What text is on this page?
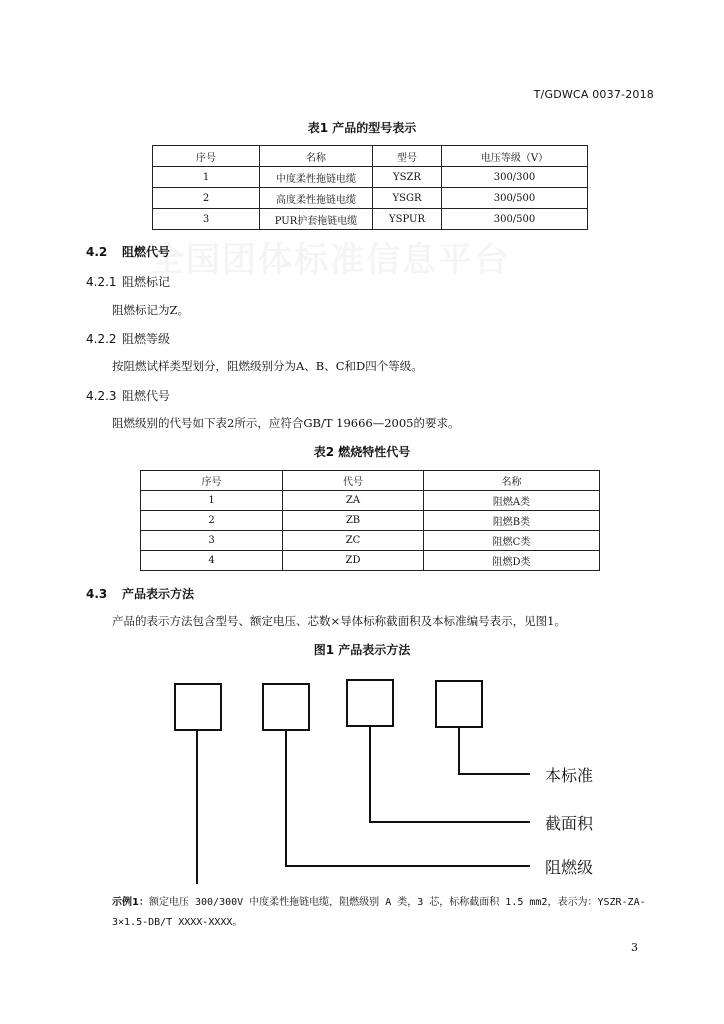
T/GDWCA 0037-2018
表1 产品的型号表示
序号	名称	型号	电压等级（V）
1	中度柔性拖链电缆	YSZR	300/300
2	高度柔性拖链电缆	YSGR	300/500
3	PUR护套拖链电缆	YSPUR	300/500
4.2 阻燃代号
4.2.1 阻燃标记
阻燃标记为Z。
4.2.2 阻燃等级
按阻燃试样类型划分，阻燃级别分为A、B、C和D四个等级。
4.2.3 阻燃代号
阻燃级别的代号如下表2所示，应符合GB/T 19666—2005的要求。
表2 燃烧特性代号
序号	代号	名称
1	ZA	阻燃A类
2	ZB	阻燃B类
3	ZC	阻燃C类
4	ZD	阻燃D类
4.3 产品表示方法
产品的表示方法包含型号、额定电压、芯数×导体标称截面积及本标准编号表示，见图1。
图1 产品表示方法
本标准
截面积
阻燃级
示例1：额定电压 300/300V 中度柔性拖链电缆，阻燃级别 A 类，3 芯，标称截面积 1.5 mm2，表示为：YSZR-ZA-3×1.5-DB/T XXXX-XXXX。
3
